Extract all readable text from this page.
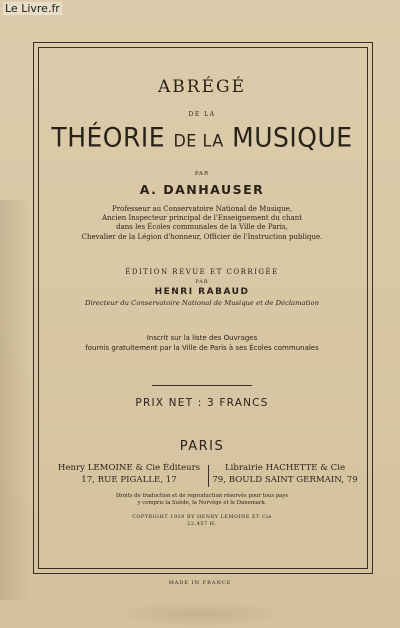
Le Livre.fr
ABRÉGÉ
DE LA
THÉORIE DE LA MUSIQUE
PAR
A. DANHAUSER
Professeur au Conservatoire National de Musique,
Ancien Inspecteur principal de l'Enseignement du chant
dans les Écoles communales de la Ville de Paris,
Chevalier de la Légion d'honneur, Officier de l'Instruction publique.
ÉDITION REVUE ET CORRIGÉE
PAR
HENRI RABAUD
Directeur du Conservatoire National de Musique et de Déclamation
Inscrit sur la liste des Ouvrages
fournis gratuitement par la Ville de Paris à ses Écoles communales
PRIX NET : 3 FRANCS
PARIS
Henry LEMOINE & Cie Éditeurs
17, RUE PIGALLE, 17
Librairie HACHETTE & Cie
79, BOULD SAINT GERMAIN, 79
Droits de traduction et de reproduction réservés pour tous pays
y compris la Suède, la Norvège et le Danemark.
COPYRIGHT 1929 BY HENRY LEMOINE ET Cie
22.457 H.
MADE IN FRANCE
